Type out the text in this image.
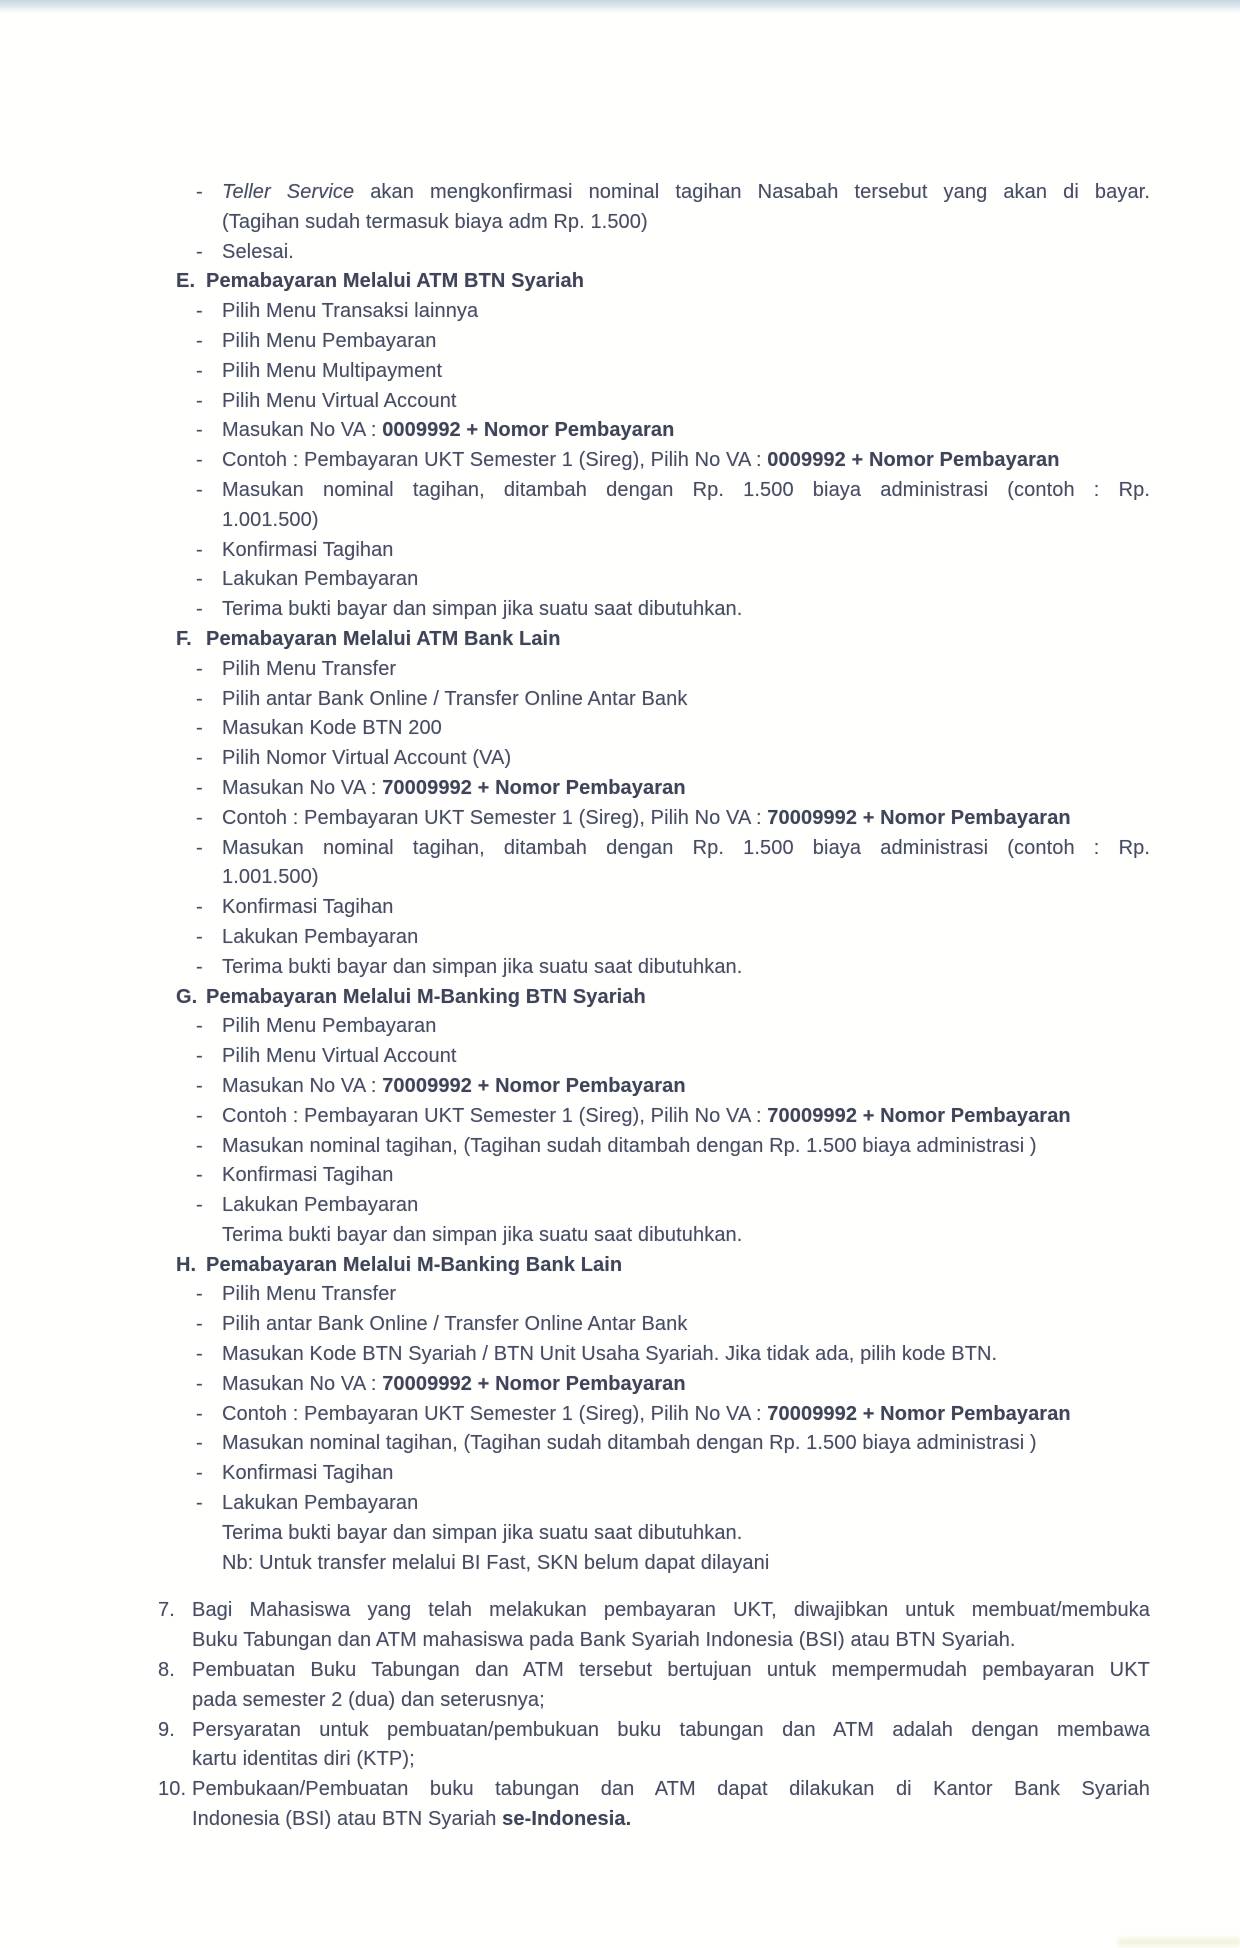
- Teller Service akan mengkonfirmasi nominal tagihan Nasabah tersebut yang akan di bayar.
(Tagihan sudah termasuk biaya adm Rp. 1.500)
- Selesai.
E. Pemabayaran Melalui ATM BTN Syariah
- Pilih Menu Transaksi lainnya
- Pilih Menu Pembayaran
- Pilih Menu Multipayment
- Pilih Menu Virtual Account
- Masukan No VA : 0009992 + Nomor Pembayaran
- Contoh : Pembayaran UKT Semester 1 (Sireg), Pilih No VA : 0009992 + Nomor Pembayaran
- Masukan nominal tagihan, ditambah dengan Rp. 1.500 biaya administrasi (contoh : Rp.
1.001.500)
- Konfirmasi Tagihan
- Lakukan Pembayaran
- Terima bukti bayar dan simpan jika suatu saat dibutuhkan.
F. Pemabayaran Melalui ATM Bank Lain
- Pilih Menu Transfer
- Pilih antar Bank Online / Transfer Online Antar Bank
- Masukan Kode BTN 200
- Pilih Nomor Virtual Account (VA)
- Masukan No VA : 70009992 + Nomor Pembayaran
- Contoh : Pembayaran UKT Semester 1 (Sireg), Pilih No VA : 70009992 + Nomor Pembayaran
- Masukan nominal tagihan, ditambah dengan Rp. 1.500 biaya administrasi (contoh : Rp.
1.001.500)
- Konfirmasi Tagihan
- Lakukan Pembayaran
- Terima bukti bayar dan simpan jika suatu saat dibutuhkan.
G. Pemabayaran Melalui M-Banking BTN Syariah
- Pilih Menu Pembayaran
- Pilih Menu Virtual Account
- Masukan No VA : 70009992 + Nomor Pembayaran
- Contoh : Pembayaran UKT Semester 1 (Sireg), Pilih No VA : 70009992 + Nomor Pembayaran
- Masukan nominal tagihan, (Tagihan sudah ditambah dengan Rp. 1.500 biaya administrasi )
- Konfirmasi Tagihan
- Lakukan Pembayaran
Terima bukti bayar dan simpan jika suatu saat dibutuhkan.
H. Pemabayaran Melalui M-Banking Bank Lain
- Pilih Menu Transfer
- Pilih antar Bank Online / Transfer Online Antar Bank
- Masukan Kode BTN Syariah / BTN Unit Usaha Syariah. Jika tidak ada, pilih kode BTN.
- Masukan No VA : 70009992 + Nomor Pembayaran
- Contoh : Pembayaran UKT Semester 1 (Sireg), Pilih No VA : 70009992 + Nomor Pembayaran
- Masukan nominal tagihan, (Tagihan sudah ditambah dengan Rp. 1.500 biaya administrasi )
- Konfirmasi Tagihan
- Lakukan Pembayaran
Terima bukti bayar dan simpan jika suatu saat dibutuhkan.
Nb: Untuk transfer melalui BI Fast, SKN belum dapat dilayani
7. Bagi Mahasiswa yang telah melakukan pembayaran UKT, diwajibkan untuk membuat/membuka
Buku Tabungan dan ATM mahasiswa pada Bank Syariah Indonesia (BSI) atau BTN Syariah.
8. Pembuatan Buku Tabungan dan ATM tersebut bertujuan untuk mempermudah pembayaran UKT
pada semester 2 (dua) dan seterusnya;
9. Persyaratan untuk pembuatan/pembukuan buku tabungan dan ATM adalah dengan membawa
kartu identitas diri (KTP);
10. Pembukaan/Pembuatan buku tabungan dan ATM dapat dilakukan di Kantor Bank Syariah
Indonesia (BSI) atau BTN Syariah se-Indonesia.
